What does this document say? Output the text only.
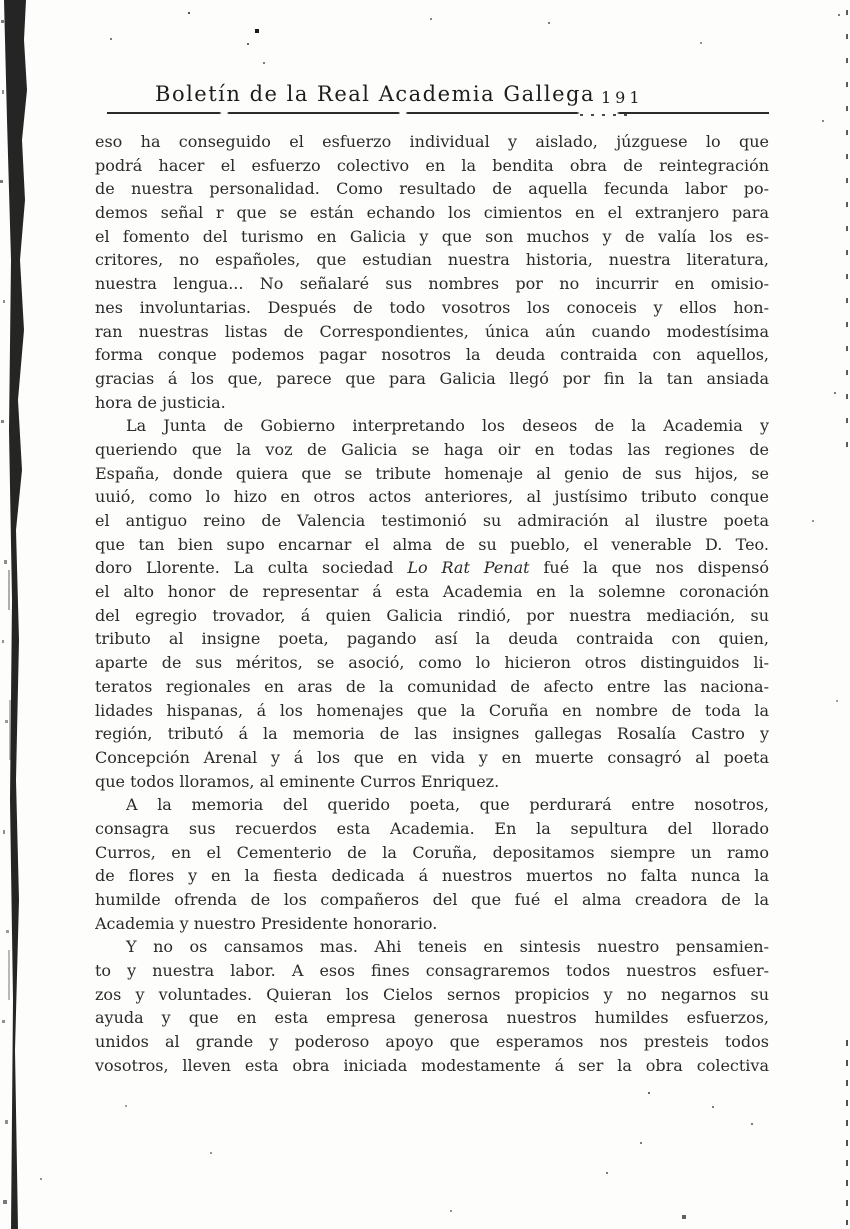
Boletín de la Real Academia Gallega 191
eso ha conseguido el esfuerzo individual y aislado, júzguese lo que
podrá hacer el esfuerzo colectivo en la bendita obra de reintegración
de nuestra personalidad. Como resultado de aquella fecunda labor po-
demos señal r que se están echando los cimientos en el extranjero para
el fomento del turismo en Galicia y que son muchos y de valía los es-
critores, no españoles, que estudian nuestra historia, nuestra literatura,
nuestra lengua... No señalaré sus nombres por no incurrir en omisio-
nes involuntarias. Después de todo vosotros los conoceis y ellos hon-
ran nuestras listas de Correspondientes, única aún cuando modestísima
forma conque podemos pagar nosotros la deuda contraida con aquellos,
gracias á los que, parece que para Galicia llegó por fin la tan ansiada
hora de justicia.
La Junta de Gobierno interpretando los deseos de la Academia y
queriendo que la voz de Galicia se haga oir en todas las regiones de
España, donde quiera que se tribute homenaje al genio de sus hijos, se
uuió, como lo hizo en otros actos anteriores, al justísimo tributo conque
el antiguo reino de Valencia testimonió su admiración al ilustre poeta
que tan bien supo encarnar el alma de su pueblo, el venerable D. Teo.
doro Llorente. La culta sociedad Lo Rat Penat fué la que nos dispensó
el alto honor de representar á esta Academia en la solemne coronación
del egregio trovador, á quien Galicia rindió, por nuestra mediación, su
tributo al insigne poeta, pagando así la deuda contraida con quien,
aparte de sus méritos, se asoció, como lo hicieron otros distinguidos li-
teratos regionales en aras de la comunidad de afecto entre las naciona-
lidades hispanas, á los homenajes que la Coruña en nombre de toda la
región, tributó á la memoria de las insignes gallegas Rosalía Castro y
Concepción Arenal y á los que en vida y en muerte consagró al poeta
que todos lloramos, al eminente Curros Enriquez.
A la memoria del querido poeta, que perdurará entre nosotros,
consagra sus recuerdos esta Academia. En la sepultura del llorado
Curros, en el Cementerio de la Coruña, depositamos siempre un ramo
de flores y en la fiesta dedicada á nuestros muertos no falta nunca la
humilde ofrenda de los compañeros del que fué el alma creadora de la
Academia y nuestro Presidente honorario.
Y no os cansamos mas. Ahi teneis en sintesis nuestro pensamien-
to y nuestra labor. A esos fines consagraremos todos nuestros esfuer-
zos y voluntades. Quieran los Cielos sernos propicios y no negarnos su
ayuda y que en esta empresa generosa nuestros humildes esfuerzos,
unidos al grande y poderoso apoyo que esperamos nos presteis todos
vosotros, lleven esta obra iniciada modestamente á ser la obra colectiva
